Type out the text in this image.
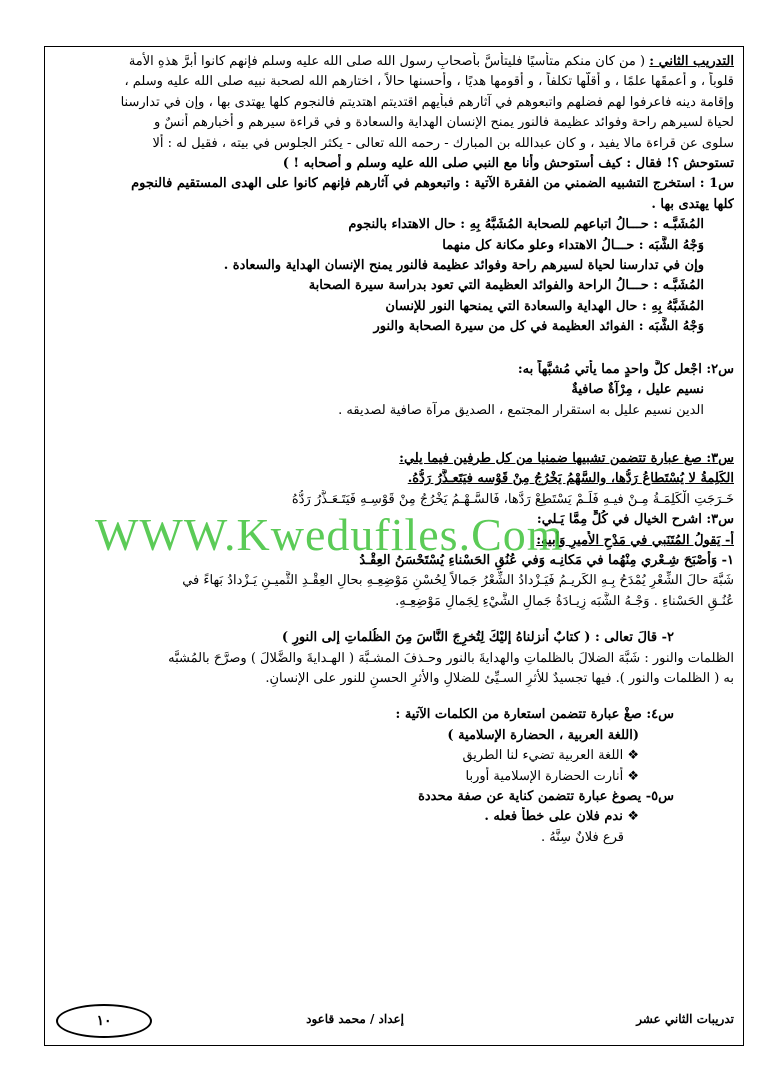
التدريب الثاني : ( من كان منكم متأسيًا فليتأسَّ بأصحابِ رسول الله صلى الله عليه وسلم فإنهم كانوا أبرَّ هذهِ الأمة

قلوباً ، و أعمقَها علمًا ، و أقلَّها تكلفاً ، و أقومها هديًا ، وأحسنها حالاً ، اختارهم الله لصحبة نبيه صلى الله عليه وسلم ،

وإقامة دينه فاعرفوا لهم فضلهم واتبعوهم في آثارهم فبأيهم اقتديتم اهتديتم فالنجوم كلها يهتدى بها ، وإن في تدارسنا

لحياة لسيرهم راحة وفوائد عظيمة فالنور يمنح الإنسان الهداية والسعادة و في قراءة سيرهم و أخبارهم أنسٌ و

سلوى عن قراءة مالا يفيد ، و كان عبدالله بن المبارك - رحمه الله تعالى - يكثر الجلوس في بيته ، فقيل له : ألا

تستوحش ؟! فقال : كيف أستوحش وأنا مع النبي صلى الله عليه وسلم و أصحابه ! )

س1 : استخرج التشبيه الضمني من الفقرة الآتية : واتبعوهم في آثارهم فإنهم كانوا على الهدى المستقيم فالنجوم

كلها يهتدى بها .

المُشَبَّـه : حـــالُ اتباعهم للصحابة المُشَبَّهُ بِهِ : حال الاهتداء بالنجوم

وَجْهُ الشَّبَه : حـــالُ الاهتداء وعلو مكانة كل منهما

وإن في تدارسنا لحياة لسيرهم راحة وفوائد عظيمة فالنور يمنح الإنسان الهداية والسعادة .

المُشَبَّـه : حـــالُ الراحة والفوائد العظيمة التي تعود بدراسة سيرة الصحابة

المُشَبَّهُ بِهِ : حال الهداية والسعادة التي يمنحها النور للإنسان

وَجْهُ الشَّبَه : الفوائد العظيمة في كل من سيرة الصحابة والنور

س٢: اجْعل كلَّ واحدٍ مما يأتي مُشبَّهاً به:

نسيم عليل ، مِرْآةٌ صافيةٌ

الدين نسيم عليل به استقرار المجتمع ، الصديق مرآة صافية لصديقه .

س٣: صغ عبارة تتضمن تشبيها ضمنيا من كل طرفين فيما يلي:

الكَلِمةُ لا يُسْتَطاعُ رَدُّها، والسَّهْمُ يَخْرُجُ مِنْ قَوْسه فيَتَعـذَّرُ رَدُّهُ.

خَـرَجَتِ الْكَلِمَـةُ مِـنْ فيـهِ فَلَـمْ يَسْتَطِعْ رَدَّها، فَالسَّـهْـمُ يَخْرُجُ مِنْ قَوْسِـهِ فَيَتَـعَـذَّرُ رَدُّهُ

س٣: اشرح الخيال في كُلٍّ مِمَّا يَـلي:

أ- يَقولُ المُتَنَبي في مَدْحِ الأَميرِ وَأَبيه:

١- وَأَصْبَحَ شِـعْري مِنْهُما في مَكانِـه وَفي عُنُقِ الحَسْناءِ يُسْتَحْسَنُ العِقْـدُ

شَبَّهَ حالَ الشِّعْرِ يُمْدَحُ بِـهِ الكَريـمُ فَيَـزْدادُ الشِّعْرُ جَمالاً لِحُسْنِ مَوْضِعِـهِ بحالِ العِقْـدِ الثَّميـنِ يَـزْدادُ بَهاءً في

عُنُـقِ الحَسْناءِ . وَجْـهُ الشَّبَه زِيـادَةُ جَمالِ الشَّيْءِ لِجَمالِ مَوْضِعِـهِ.

٢- قالَ تعالى : ( كتابٌ أنزلناهُ إليْكَ لِتُخرِجَ النَّاسَ مِنَ الظُلماتِ إلى النورِ )

الظلمات والنور : شَبَّهَ الضلالَ بالظلماتِ والهدايةَ بالنور وحـذفَ المشـبَّهَ ( الهـدايةَ والضَّلالَ ) وصرَّحَ بالمُشبَّه

به ( الظلمات والنور ). فيها تجسيدٌ للأثرِ السـيِّئ للضلالِ والأثرِ الحسنِ للنور على الإنسانِ.

س٤: صغْ عبارة تتضمن استعارة من الكلمات الآتية :

(اللغة العربية ، الحضارة الإسلامية )

❖ اللغة العربية تضيء لنا الطريق

❖ أنارت الحضارة الإسلامية أوربا

س٥- يصوغ عبارة تتضمن كناية عن صفة محددة

❖ ندم فلان على خطأ فعله .

قرع فلانٌ سِنَّهُ .

WWW.Kwedufiles.Com
تدريبات الثاني عشر
إعداد / محمد قاعود
١٠
